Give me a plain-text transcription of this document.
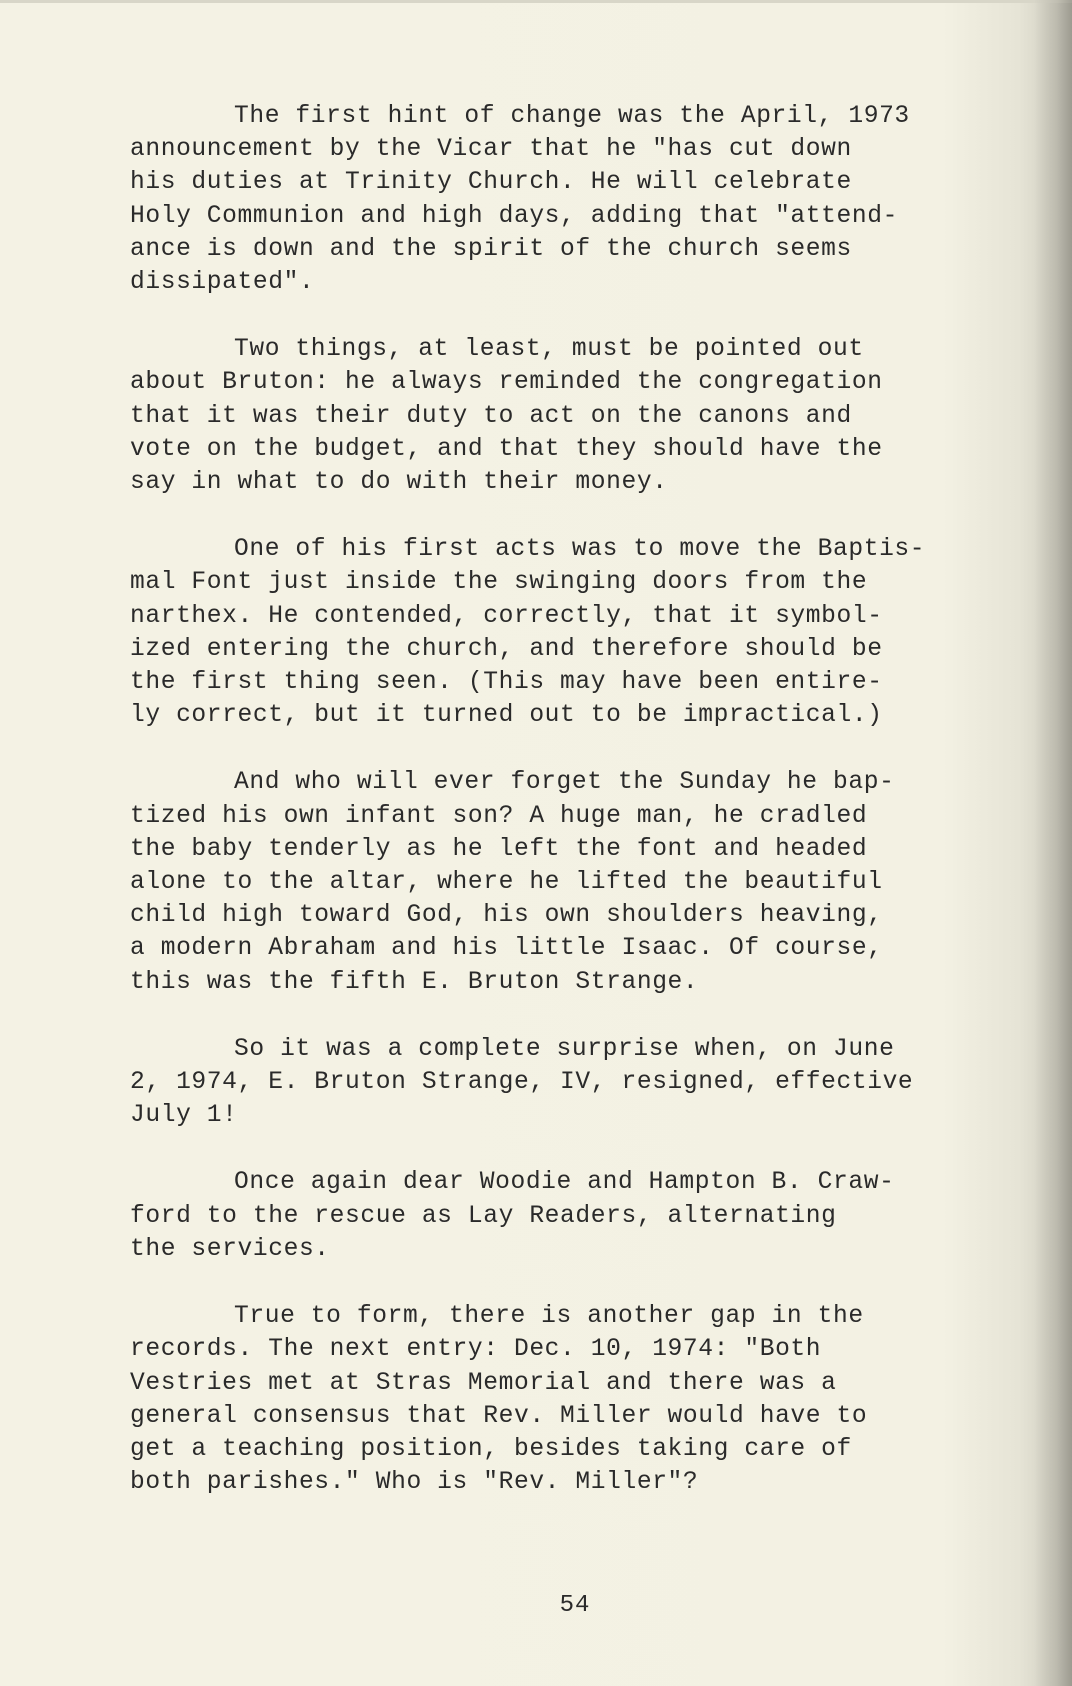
The first hint of change was the April, 1973
announcement by the Vicar that he "has cut down
his duties at Trinity Church. He will celebrate
Holy Communion and high days, adding that "attend-
ance is down and the spirit of the church seems
dissipated".

Two things, at least, must be pointed out
about Bruton: he always reminded the congregation
that it was their duty to act on the canons and
vote on the budget, and that they should have the
say in what to do with their money.

One of his first acts was to move the Baptis-
mal Font just inside the swinging doors from the
narthex. He contended, correctly, that it symbol-
ized entering the church, and therefore should be
the first thing seen. (This may have been entire-
ly correct, but it turned out to be impractical.)

And who will ever forget the Sunday he bap-
tized his own infant son? A huge man, he cradled
the baby tenderly as he left the font and headed
alone to the altar, where he lifted the beautiful
child high toward God, his own shoulders heaving,
a modern Abraham and his little Isaac. Of course,
this was the fifth E. Bruton Strange.

So it was a complete surprise when, on June
2, 1974, E. Bruton Strange, IV, resigned, effective
July 1!

Once again dear Woodie and Hampton B. Craw-
ford to the rescue as Lay Readers, alternating
the services.

True to form, there is another gap in the
records. The next entry: Dec. 10, 1974: "Both
Vestries met at Stras Memorial and there was a
general consensus that Rev. Miller would have to
get a teaching position, besides taking care of
both parishes." Who is "Rev. Miller"?

54
